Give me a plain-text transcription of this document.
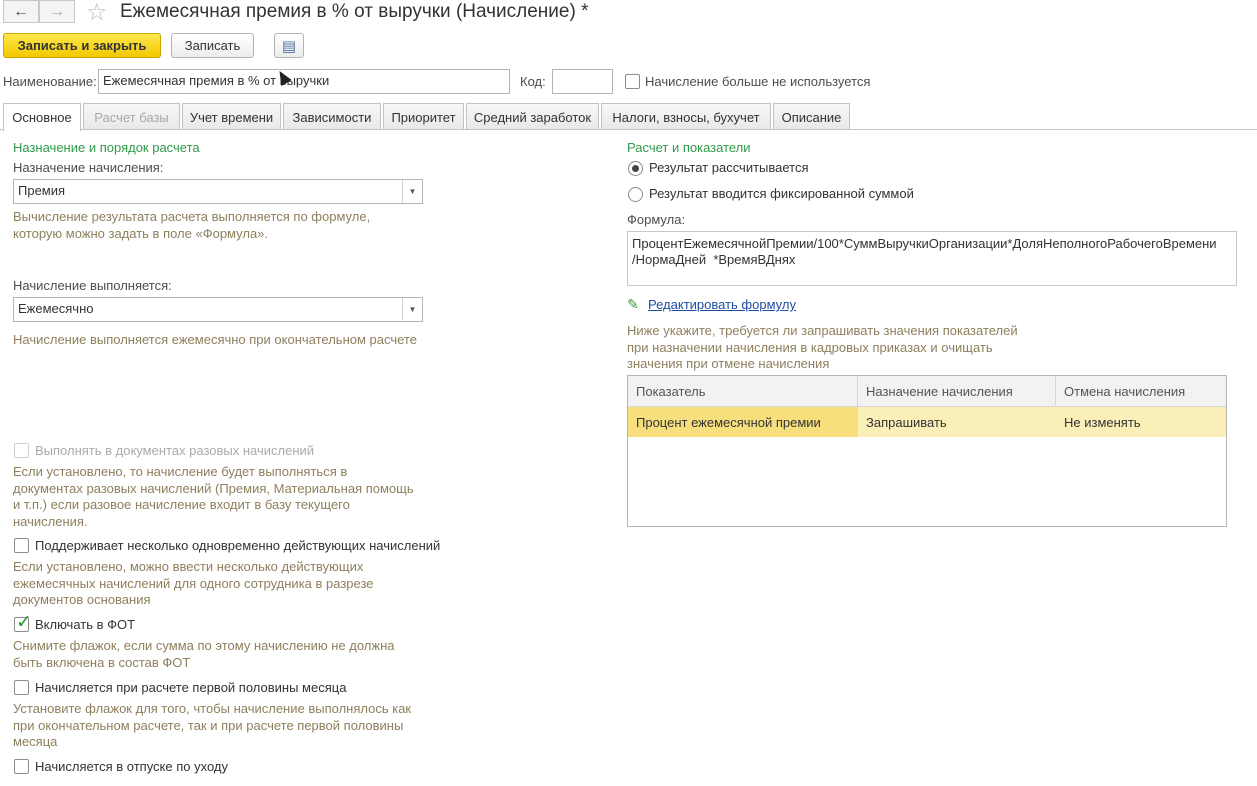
← → ☆ Ежемесячная премия в % от выручки (Начисление) *
Записать и закрыть	Записать	▤
Наименование: Ежемесячная премия в % от выручки	Код:	Начисление больше не используется
Основное	Расчет базы	Учет времени	Зависимости	Приоритет	Средний заработок	Налоги, взносы, бухучет	Описание
Назначение и порядок расчета
Назначение начисления:
Премия	▼
Вычисление результата расчета выполняется по формуле, которую можно задать в поле «Формула».
Начисление выполняется:
Ежемесячно	▼
Начисление выполняется ежемесячно при окончательном расчете
Выполнять в документах разовых начислений
Если установлено, то начисление будет выполняться в документах разовых начислений (Премия, Материальная помощь и т.п.) если разовое начисление входит в базу текущего начисления.
Поддерживает несколько одновременно действующих начислений
Если установлено, можно ввести несколько действующих ежемесячных начислений для одного сотрудника в разрезе документов основания
✓ Включать в ФОТ
Снимите флажок, если сумма по этому начислению не должна быть включена в состав ФОТ
Начисляется при расчете первой половины месяца
Установите флажок для того, чтобы начисление выполнялось как при окончательном расчете, так и при расчете первой половины месяца
Начисляется в отпуске по уходу
Расчет и показатели
Результат рассчитывается
Результат вводится фиксированной суммой
Формула:
ПроцентЕжемесячнойПремии/100*СуммВыручкиОрганизации*ДоляНеполногоРабочегоВремени
/НормаДней  *ВремяВДнях
✎ Редактировать формулу
Ниже укажите, требуется ли запрашивать значения показателей при назначении начисления в кадровых приказах и очищать значения при отмене начисления
Показатель	Назначение начисления	Отмена начисления
Процент ежемесячной премии	Запрашивать	Не изменять
